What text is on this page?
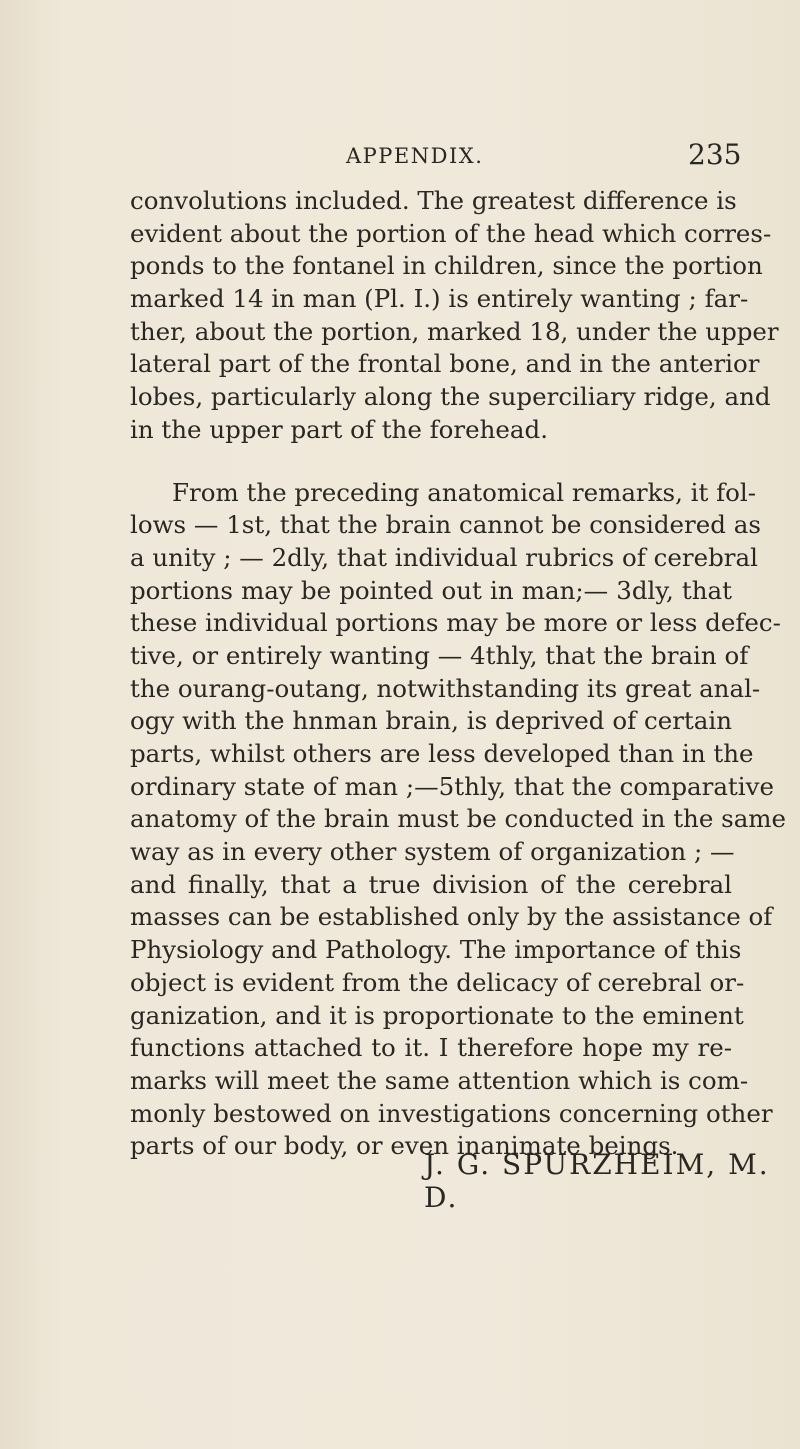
APPENDIX.	235
convolutions included. The greatest difference is
evident about the portion of the head which corres-
ponds to the fontanel in children, since the portion
marked 14 in man (Pl. I.) is entirely wanting ; far-
ther, about the portion, marked 18, under the upper
lateral part of the frontal bone, and in the anterior
lobes, particularly along the superciliary ridge, and
in the upper part of the forehead.
From the preceding anatomical remarks, it fol-
lows — 1st, that the brain cannot be considered as
a unity ; — 2dly, that individual rubrics of cerebral
portions may be pointed out in man;— 3dly, that
these individual portions may be more or less defec-
tive, or entirely wanting — 4thly, that the brain of
the ourang-outang, notwithstanding its great anal-
ogy with the hnman brain, is deprived of certain
parts, whilst others are less developed than in the
ordinary state of man ;—5thly, that the comparative
anatomy of the brain must be conducted in the same
way as in every other system of organization ; —
and finally, that a true division of the cerebral
masses can be established only by the assistance of
Physiology and Pathology. The importance of this
object is evident from the delicacy of cerebral or-
ganization, and it is proportionate to the eminent
functions attached to it. I therefore hope my re-
marks will meet the same attention which is com-
monly bestowed on investigations concerning other
parts of our body, or even inanimate beings.
J. G. SPURZHEIM, M. D.
